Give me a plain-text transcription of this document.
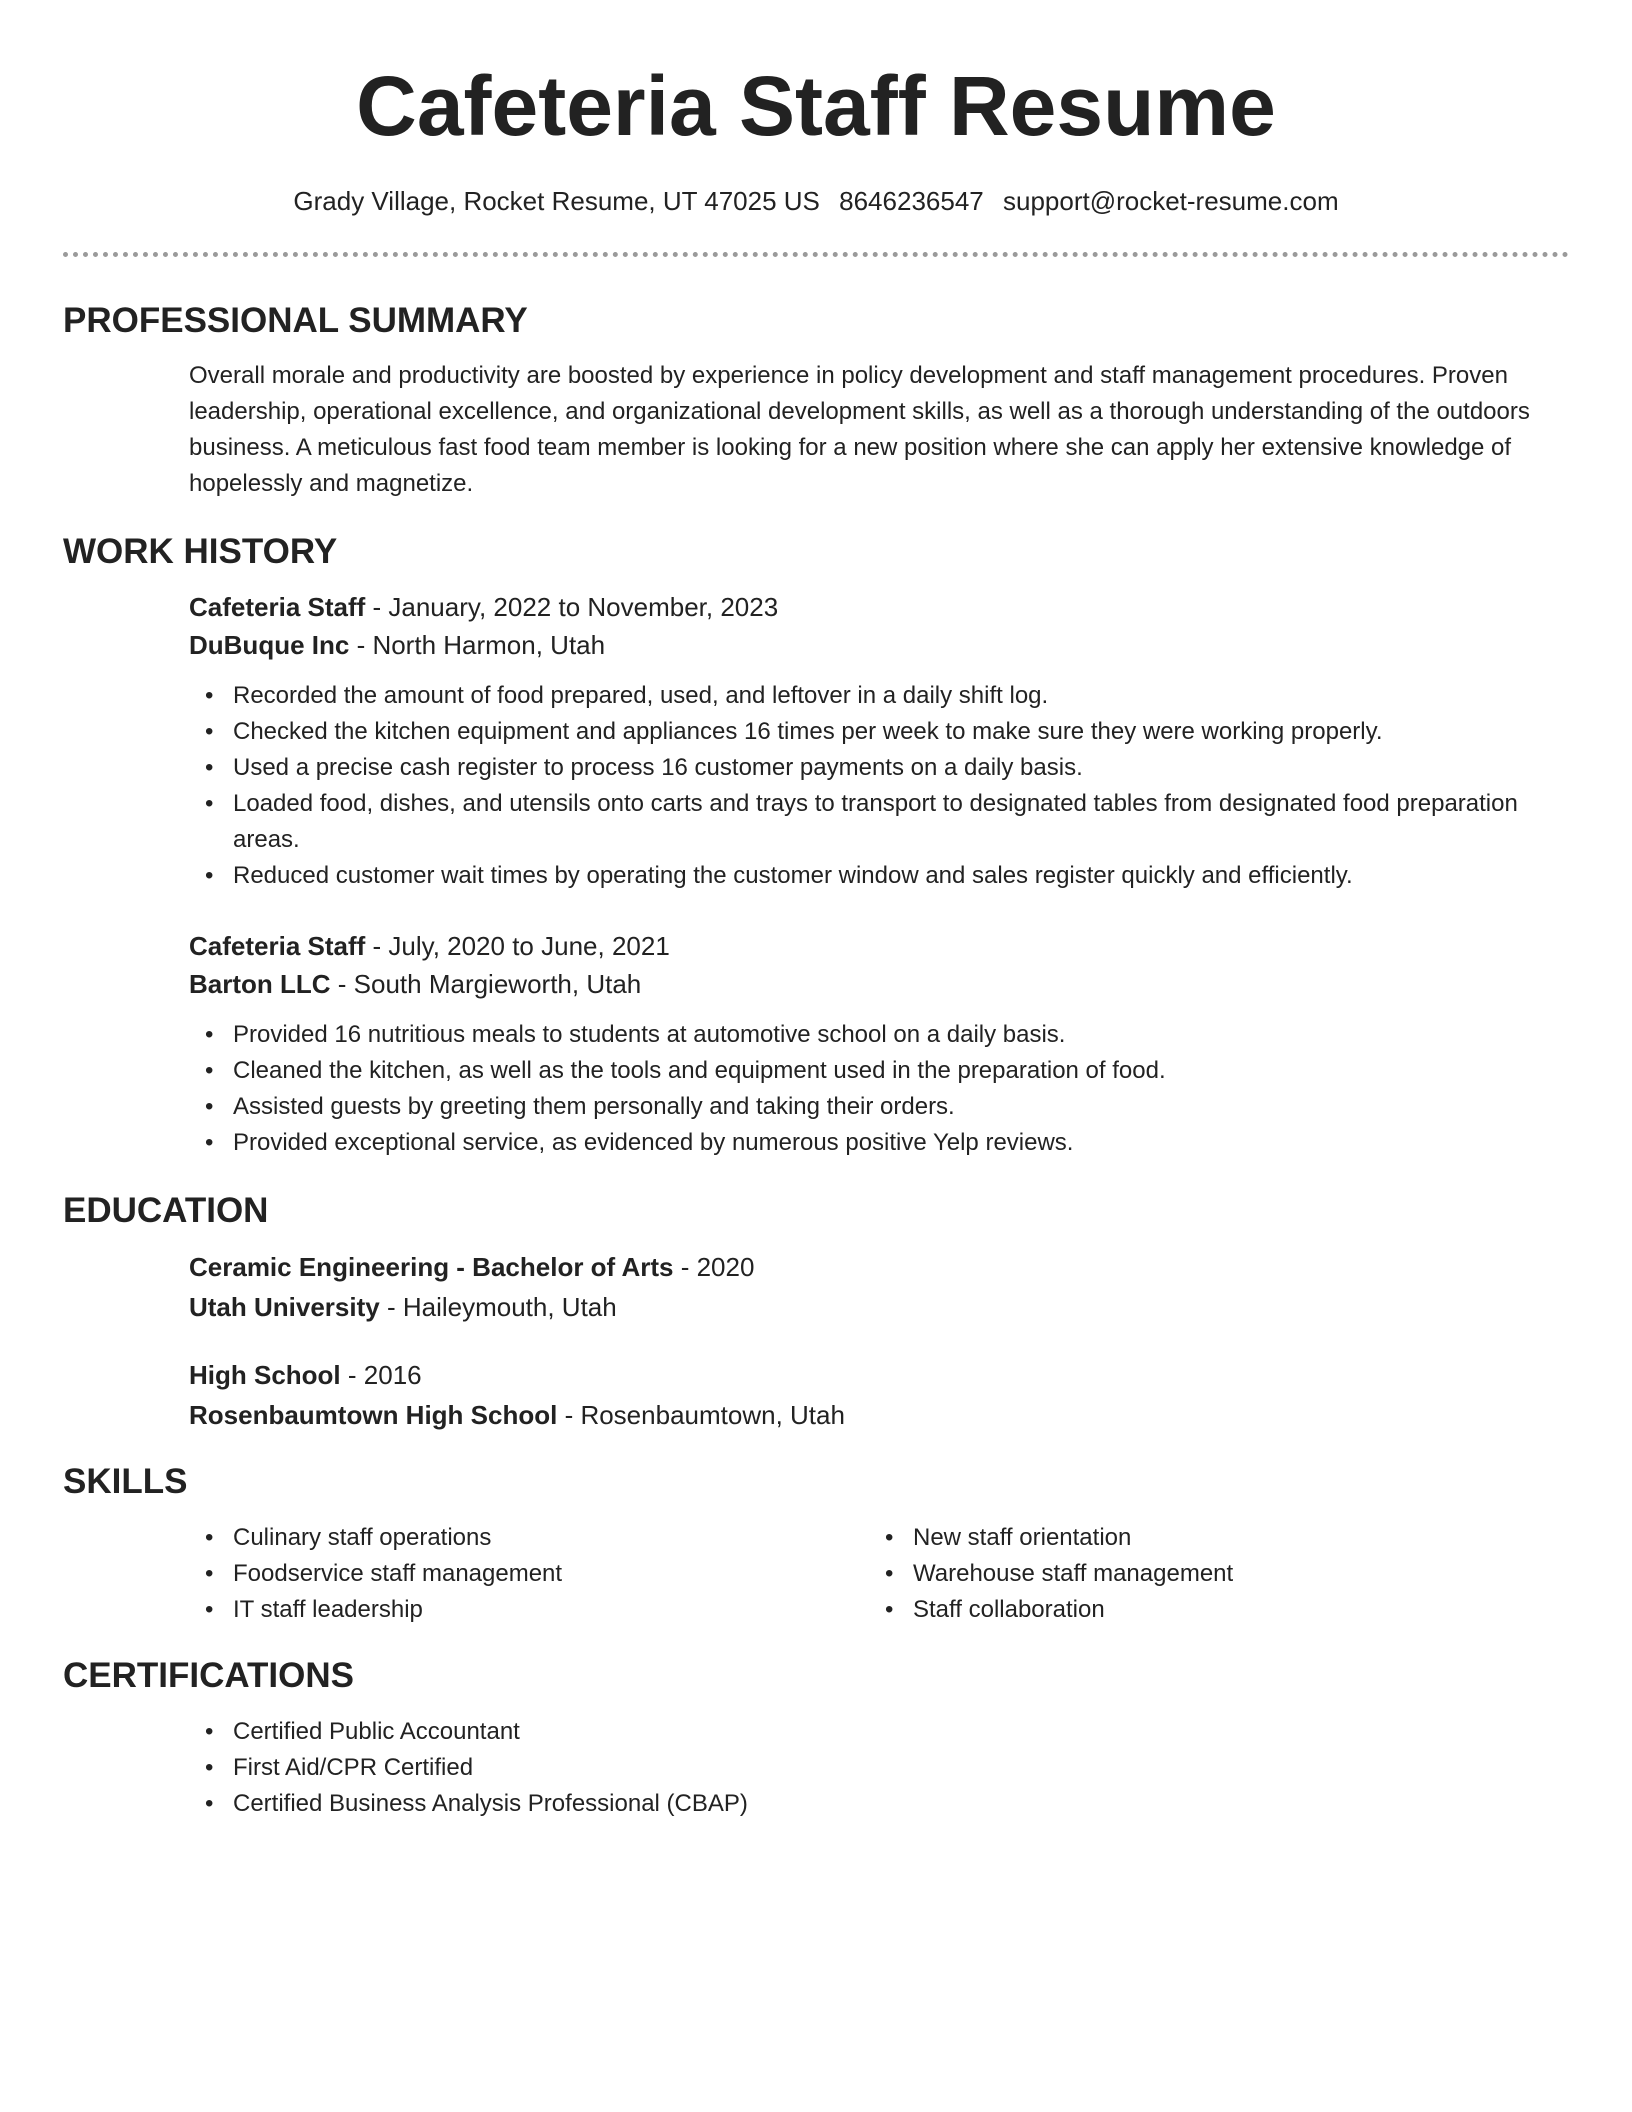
Cafeteria Staff Resume
Grady Village, Rocket Resume, UT 47025 US 8646236547 support@rocket-resume.com
PROFESSIONAL SUMMARY

Overall morale and productivity are boosted by experience in policy development and staff management procedures. Proven leadership, operational excellence, and organizational development skills, as well as a thorough understanding of the outdoors business. A meticulous fast food team member is looking for a new position where she can apply her extensive knowledge of hopelessly and magnetize.

WORK HISTORY

Cafeteria Staff - January, 2022 to November, 2023

DuBuque Inc - North Harmon, Utah

• Recorded the amount of food prepared, used, and leftover in a daily shift log.
• Checked the kitchen equipment and appliances 16 times per week to make sure they were working properly.
• Used a precise cash register to process 16 customer payments on a daily basis.
• Loaded food, dishes, and utensils onto carts and trays to transport to designated tables from designated food preparation areas.
• Reduced customer wait times by operating the customer window and sales register quickly and efficiently.

Cafeteria Staff - July, 2020 to June, 2021

Barton LLC - South Margieworth, Utah

• Provided 16 nutritious meals to students at automotive school on a daily basis.
• Cleaned the kitchen, as well as the tools and equipment used in the preparation of food.
• Assisted guests by greeting them personally and taking their orders.
• Provided exceptional service, as evidenced by numerous positive Yelp reviews.
EDUCATION

Ceramic Engineering - Bachelor of Arts - 2020

Utah University - Haileymouth, Utah

High School - 2016

Rosenbaumtown High School - Rosenbaumtown, Utah

SKILLS
• Culinary staff operations
• Foodservice staff management
• IT staff leadership
• New staff orientation
• Warehouse staff management
• Staff collaboration
CERTIFICATIONS
• Certified Public Accountant
• First Aid/CPR Certified
• Certified Business Analysis Professional (CBAP)
